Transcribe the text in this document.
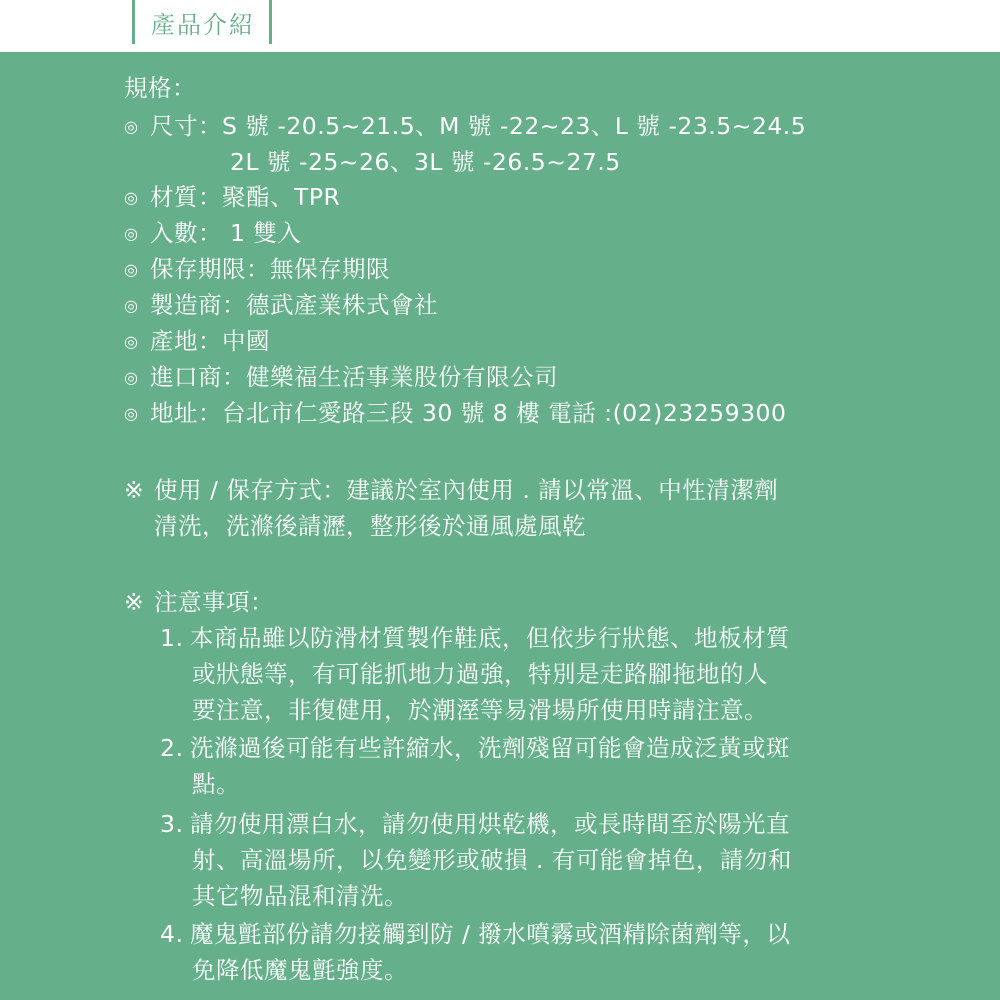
產品介紹
規格：
◎ 尺寸：S 號 -20.5~21.5、M 號 -22~23、L 號 -23.5~24.5
2L 號 -25~26、3L 號 -26.5~27.5
◎ 材質：聚酯、TPR
◎ 入數： 1 雙入
◎ 保存期限：無保存期限
◎ 製造商：德武產業株式會社
◎ 產地：中國
◎ 進口商：健樂福生活事業股份有限公司
◎ 地址：台北市仁愛路三段 30 號 8 樓 電話 :(02)23259300
※ 使用 / 保存方式：建議於室內使用 . 請以常溫、中性清潔劑
清洗，洗滌後請瀝，整形後於通風處風乾
※ 注意事項：
1. 本商品雖以防滑材質製作鞋底，但依步行狀態、地板材質
或狀態等，有可能抓地力過強，特別是走路腳拖地的人
要注意，非復健用，於潮溼等易滑場所使用時請注意。
2. 洗滌過後可能有些許縮水，洗劑殘留可能會造成泛黃或斑
點。
3. 請勿使用漂白水，請勿使用烘乾機，或長時間至於陽光直
射、高溫場所，以免變形或破損 . 有可能會掉色，請勿和
其它物品混和清洗。
4. 魔鬼氈部份請勿接觸到防 / 撥水噴霧或酒精除菌劑等，以
免降低魔鬼氈強度。
